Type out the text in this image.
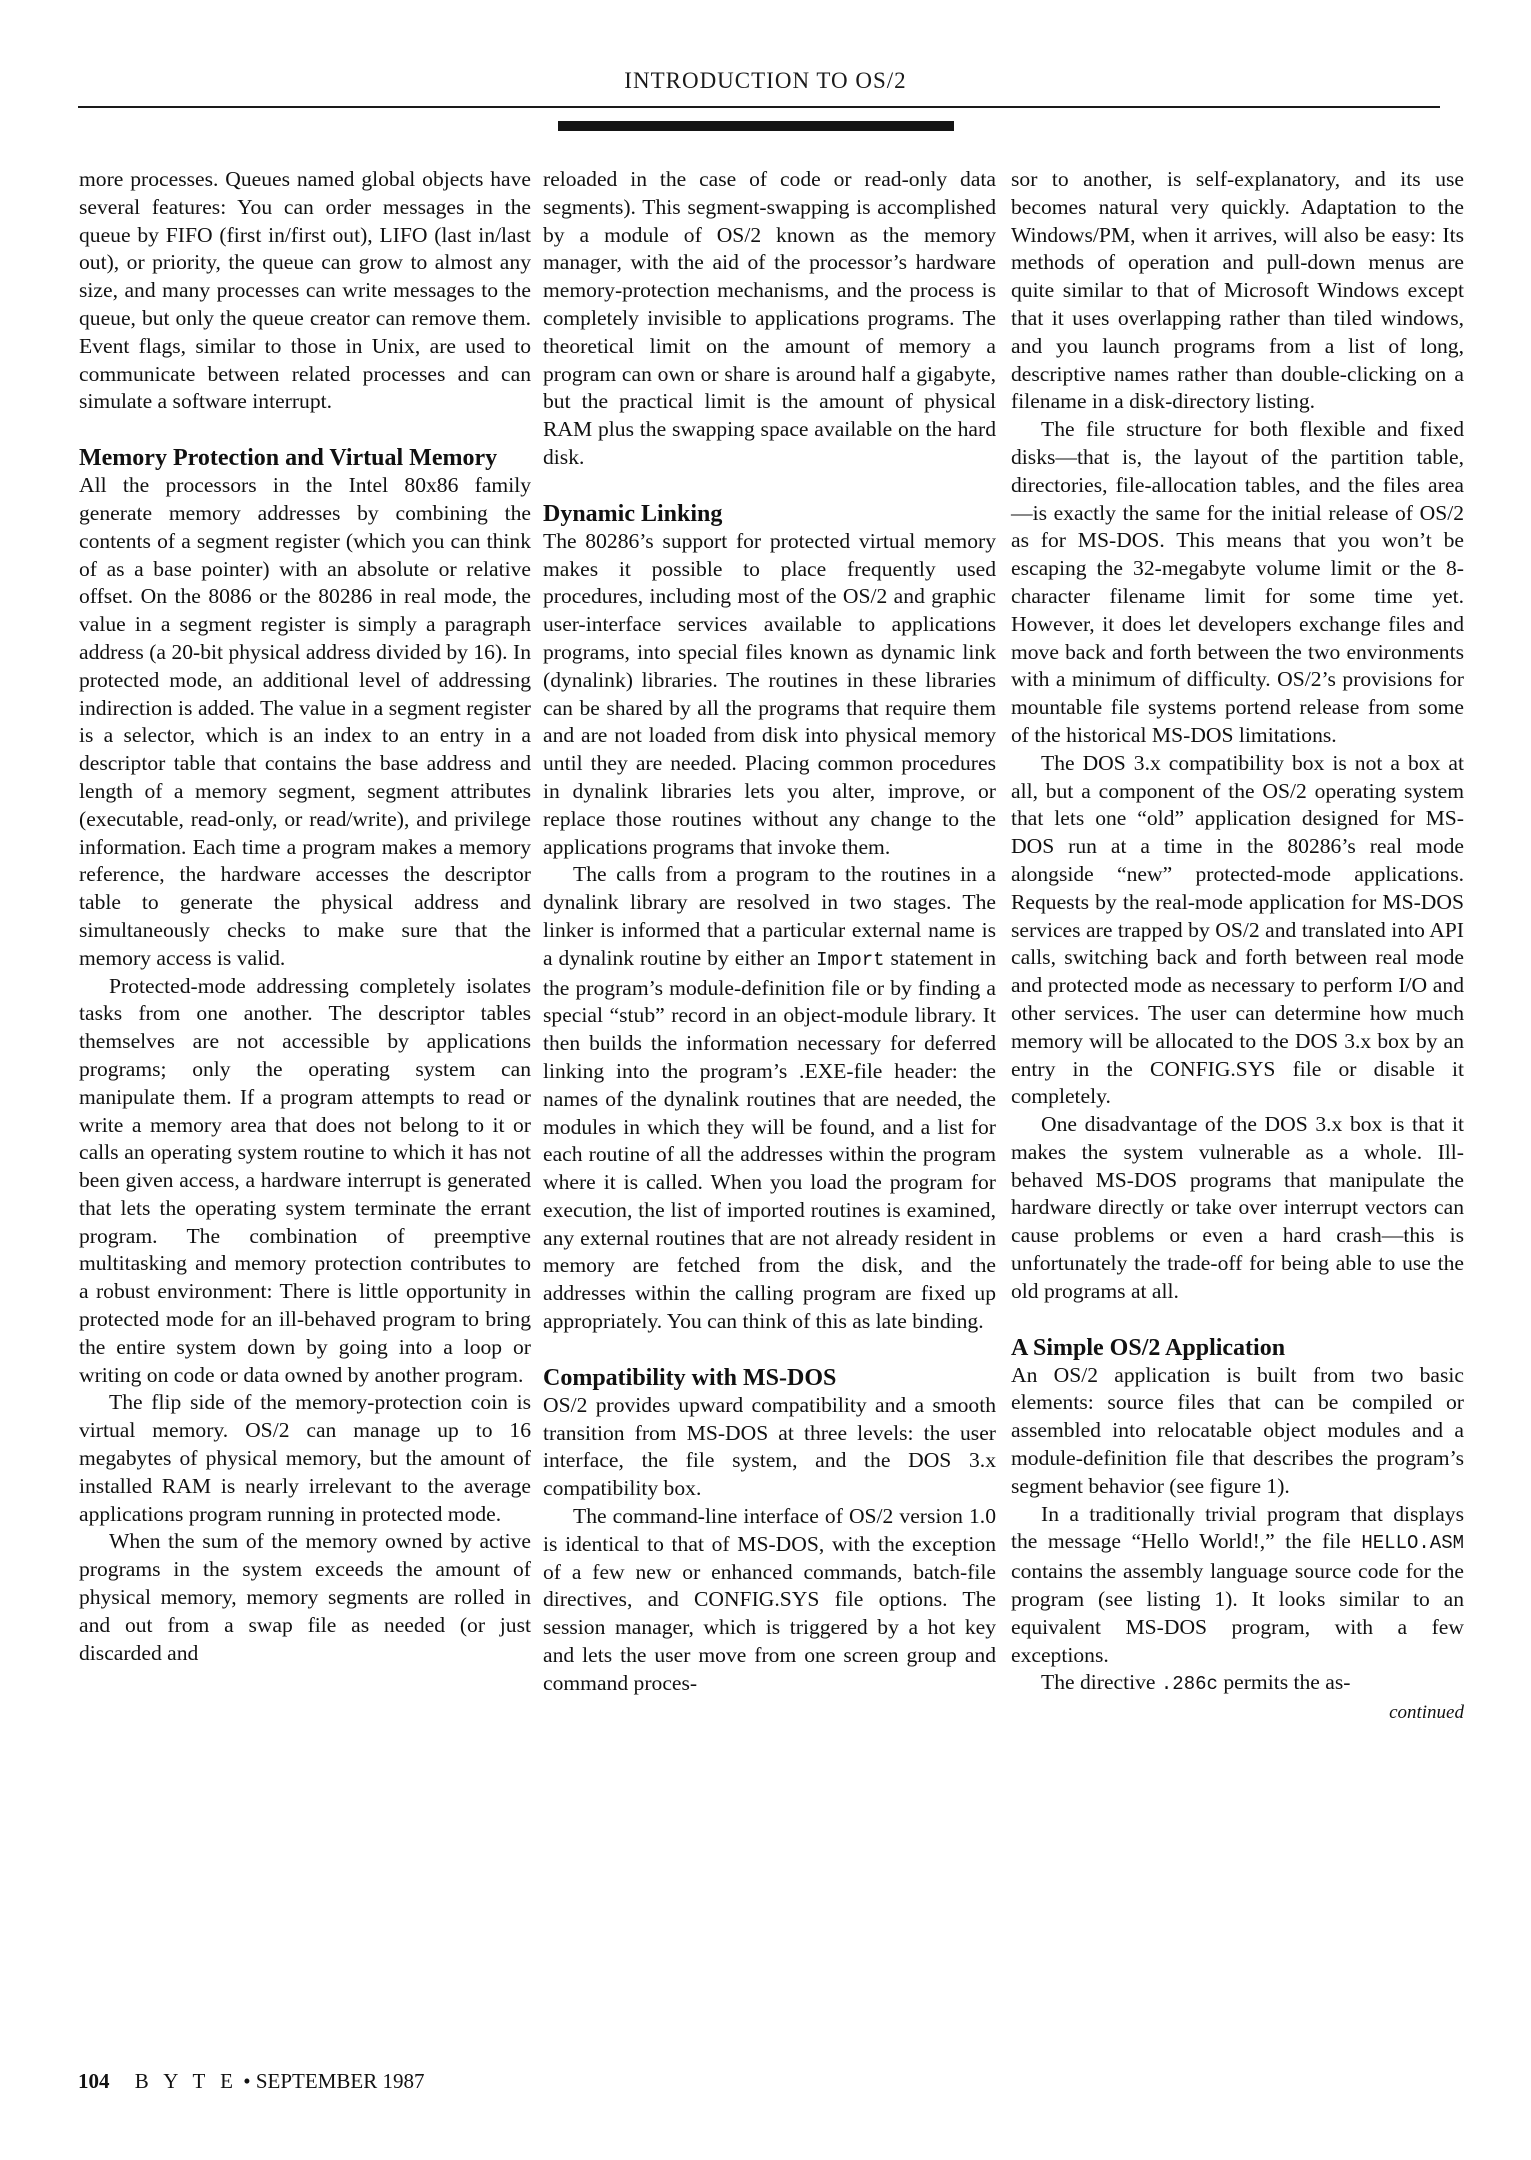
INTRODUCTION TO OS/2

more processes. Queues named global objects have several features: You can order messages in the queue by FIFO (first in/first out), LIFO (last in/last out), or priority, the queue can grow to almost any size, and many processes can write messages to the queue, but only the queue creator can remove them. Event flags, similar to those in Unix, are used to communicate between related processes and can simulate a software interrupt.

Memory Protection and Virtual Memory

All the processors in the Intel 80x86 family generate memory addresses by combining the contents of a segment register (which you can think of as a base pointer) with an absolute or relative offset. On the 8086 or the 80286 in real mode, the value in a segment register is simply a paragraph address (a 20-bit physical address divided by 16). In protected mode, an additional level of addressing indirection is added. The value in a segment register is a selector, which is an index to an entry in a descriptor table that contains the base address and length of a memory segment, segment attributes (executable, read-only, or read/write), and privilege information. Each time a program makes a memory reference, the hardware accesses the descriptor table to generate the physical address and simultaneously checks to make sure that the memory access is valid.

Protected-mode addressing completely isolates tasks from one another. The descriptor tables themselves are not accessible by applications programs; only the operating system can manipulate them. If a program attempts to read or write a memory area that does not belong to it or calls an operating system routine to which it has not been given access, a hardware interrupt is generated that lets the operating system terminate the errant program. The combination of preemptive multitasking and memory protection contributes to a robust environment: There is little opportunity in protected mode for an ill-behaved program to bring the entire system down by going into a loop or writing on code or data owned by another program.

The flip side of the memory-protection coin is virtual memory. OS/2 can manage up to 16 megabytes of physical memory, but the amount of installed RAM is nearly irrelevant to the average applications program running in protected mode.

When the sum of the memory owned by active programs in the system exceeds the amount of physical memory, memory segments are rolled in and out from a swap file as needed (or just discarded and

reloaded in the case of code or read-only data segments). This segment-swapping is accomplished by a module of OS/2 known as the memory manager, with the aid of the processor’s hardware memory-protection mechanisms, and the process is completely invisible to applications programs. The theoretical limit on the amount of memory a program can own or share is around half a gigabyte, but the practical limit is the amount of physical RAM plus the swapping space available on the hard disk.

Dynamic Linking

The 80286’s support for protected virtual memory makes it possible to place frequently used procedures, including most of the OS/2 and graphic user-interface services available to applications programs, into special files known as dynamic link (dynalink) libraries. The routines in these libraries can be shared by all the programs that require them and are not loaded from disk into physical memory until they are needed. Placing common procedures in dynalink libraries lets you alter, improve, or replace those routines without any change to the applications programs that invoke them.

The calls from a program to the routines in a dynalink library are resolved in two stages. The linker is informed that a particular external name is a dynalink routine by either an Import statement in the program’s module-definition file or by finding a special “stub” record in an object-module library. It then builds the information necessary for deferred linking into the program’s .EXE-file header: the names of the dynalink routines that are needed, the modules in which they will be found, and a list for each routine of all the addresses within the program where it is called. When you load the program for execution, the list of imported routines is examined, any external routines that are not already resident in memory are fetched from the disk, and the addresses within the calling program are fixed up appropriately. You can think of this as late binding.

Compatibility with MS-DOS

OS/2 provides upward compatibility and a smooth transition from MS-DOS at three levels: the user interface, the file system, and the DOS 3.x compatibility box.

The command-line interface of OS/2 version 1.0 is identical to that of MS-DOS, with the exception of a few new or enhanced commands, batch-file directives, and CONFIG.SYS file options. The session manager, which is triggered by a hot key and lets the user move from one screen group and command proces-

sor to another, is self-explanatory, and its use becomes natural very quickly. Adaptation to the Windows/PM, when it arrives, will also be easy: Its methods of operation and pull-down menus are quite similar to that of Microsoft Windows except that it uses overlapping rather than tiled windows, and you launch programs from a list of long, descriptive names rather than double-clicking on a filename in a disk-directory listing.

The file structure for both flexible and fixed disks—that is, the layout of the partition table, directories, file-allocation tables, and the files area—is exactly the same for the initial release of OS/2 as for MS-DOS. This means that you won’t be escaping the 32-megabyte volume limit or the 8-character filename limit for some time yet. However, it does let developers exchange files and move back and forth between the two environments with a minimum of difficulty. OS/2’s provisions for mountable file systems portend release from some of the historical MS-DOS limitations.

The DOS 3.x compatibility box is not a box at all, but a component of the OS/2 operating system that lets one “old” application designed for MS-DOS run at a time in the 80286’s real mode alongside “new” protected-mode applications. Requests by the real-mode application for MS-DOS services are trapped by OS/2 and translated into API calls, switching back and forth between real mode and protected mode as necessary to perform I/O and other services. The user can determine how much memory will be allocated to the DOS 3.x box by an entry in the CONFIG.SYS file or disable it completely.

One disadvantage of the DOS 3.x box is that it makes the system vulnerable as a whole. Ill-behaved MS-DOS programs that manipulate the hardware directly or take over interrupt vectors can cause problems or even a hard crash—this is unfortunately the trade-off for being able to use the old programs at all.

A Simple OS/2 Application

An OS/2 application is built from two basic elements: source files that can be compiled or assembled into relocatable object modules and a module-definition file that describes the program’s segment behavior (see figure 1).

In a traditionally trivial program that displays the message “Hello World!,” the file HELLO.ASM contains the assembly language source code for the program (see listing 1). It looks similar to an equivalent MS-DOS program, with a few exceptions.

The directive .286c permits the as-

continued
104 B Y T E • SEPTEMBER 1987
